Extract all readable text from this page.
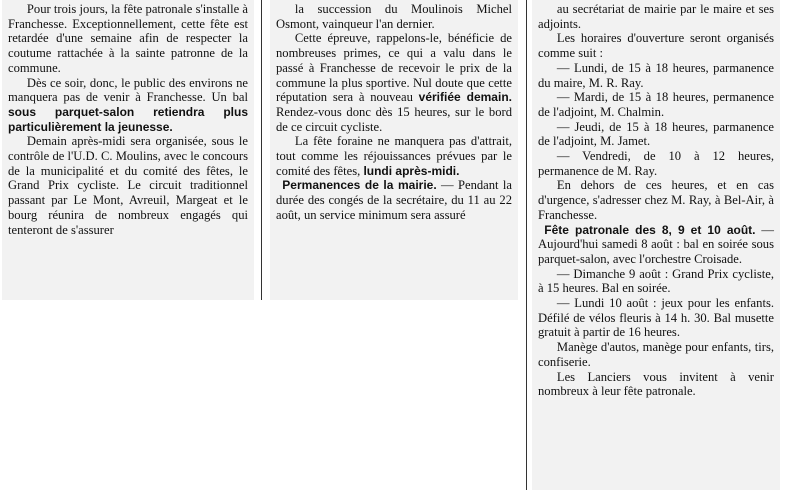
Pour trois jours, la fête patronale s'installe à Franchesse. Exceptionnellement, cette fête est retardée d'une semaine afin de respecter la coutume rattachée à la sainte patronne de la commune.

Dès ce soir, donc, le public des environs ne manquera pas de venir à Franchesse. Un bal sous parquet-salon retiendra plus particulièrement la jeunesse.

Demain après-midi sera organisée, sous le contrôle de l'U.D. C. Moulins, avec le concours de la municipalité et du comité des fêtes, le Grand Prix cycliste. Le circuit traditionnel passant par Le Mont, Avreuil, Margeat et le bourg réunira de nombreux engagés qui tenteront de s'assurer

la succession du Moulinois Michel Osmont, vainqueur l'an dernier.

Cette épreuve, rappelons-le, bénéficie de nombreuses primes, ce qui a valu dans le passé à Franchesse de recevoir le prix de la commune la plus sportive. Nul doute que cette réputation sera à nouveau vérifiée demain. Rendez-vous donc dès 15 heures, sur le bord de ce circuit cycliste.

La fête foraine ne manquera pas d'attrait, tout comme les réjouissances prévues par le comité des fêtes, lundi après-midi.

Permanences de la mairie. — Pendant la durée des congés de la secrétaire, du 11 au 22 août, un service minimum sera assuré

au secrétariat de mairie par le maire et ses adjoints.

Les horaires d'ouverture seront organisés comme suit :

— Lundi, de 15 à 18 heures, parmanence du maire, M. R. Ray.

— Mardi, de 15 à 18 heures, permanence de l'adjoint, M. Chalmin.

— Jeudi, de 15 à 18 heures, parmanence de l'adjoint, M. Jamet.

— Vendredi, de 10 à 12 heures, permanence de M. Ray.

En dehors de ces heures, et en cas d'urgence, s'adresser chez M. Ray, à Bel-Air, à Franchesse.

Fête patronale des 8, 9 et 10 août. — Aujourd'hui samedi 8 août : bal en soirée sous parquet-salon, avec l'orchestre Croisade.

— Dimanche 9 août : Grand Prix cycliste, à 15 heures. Bal en soirée.

— Lundi 10 août : jeux pour les enfants. Défilé de vélos fleuris à 14 h. 30. Bal musette gratuit à partir de 16 heures.

Manège d'autos, manège pour enfants, tirs, confiserie.

Les Lanciers vous invitent à venir nombreux à leur fête patronale.
